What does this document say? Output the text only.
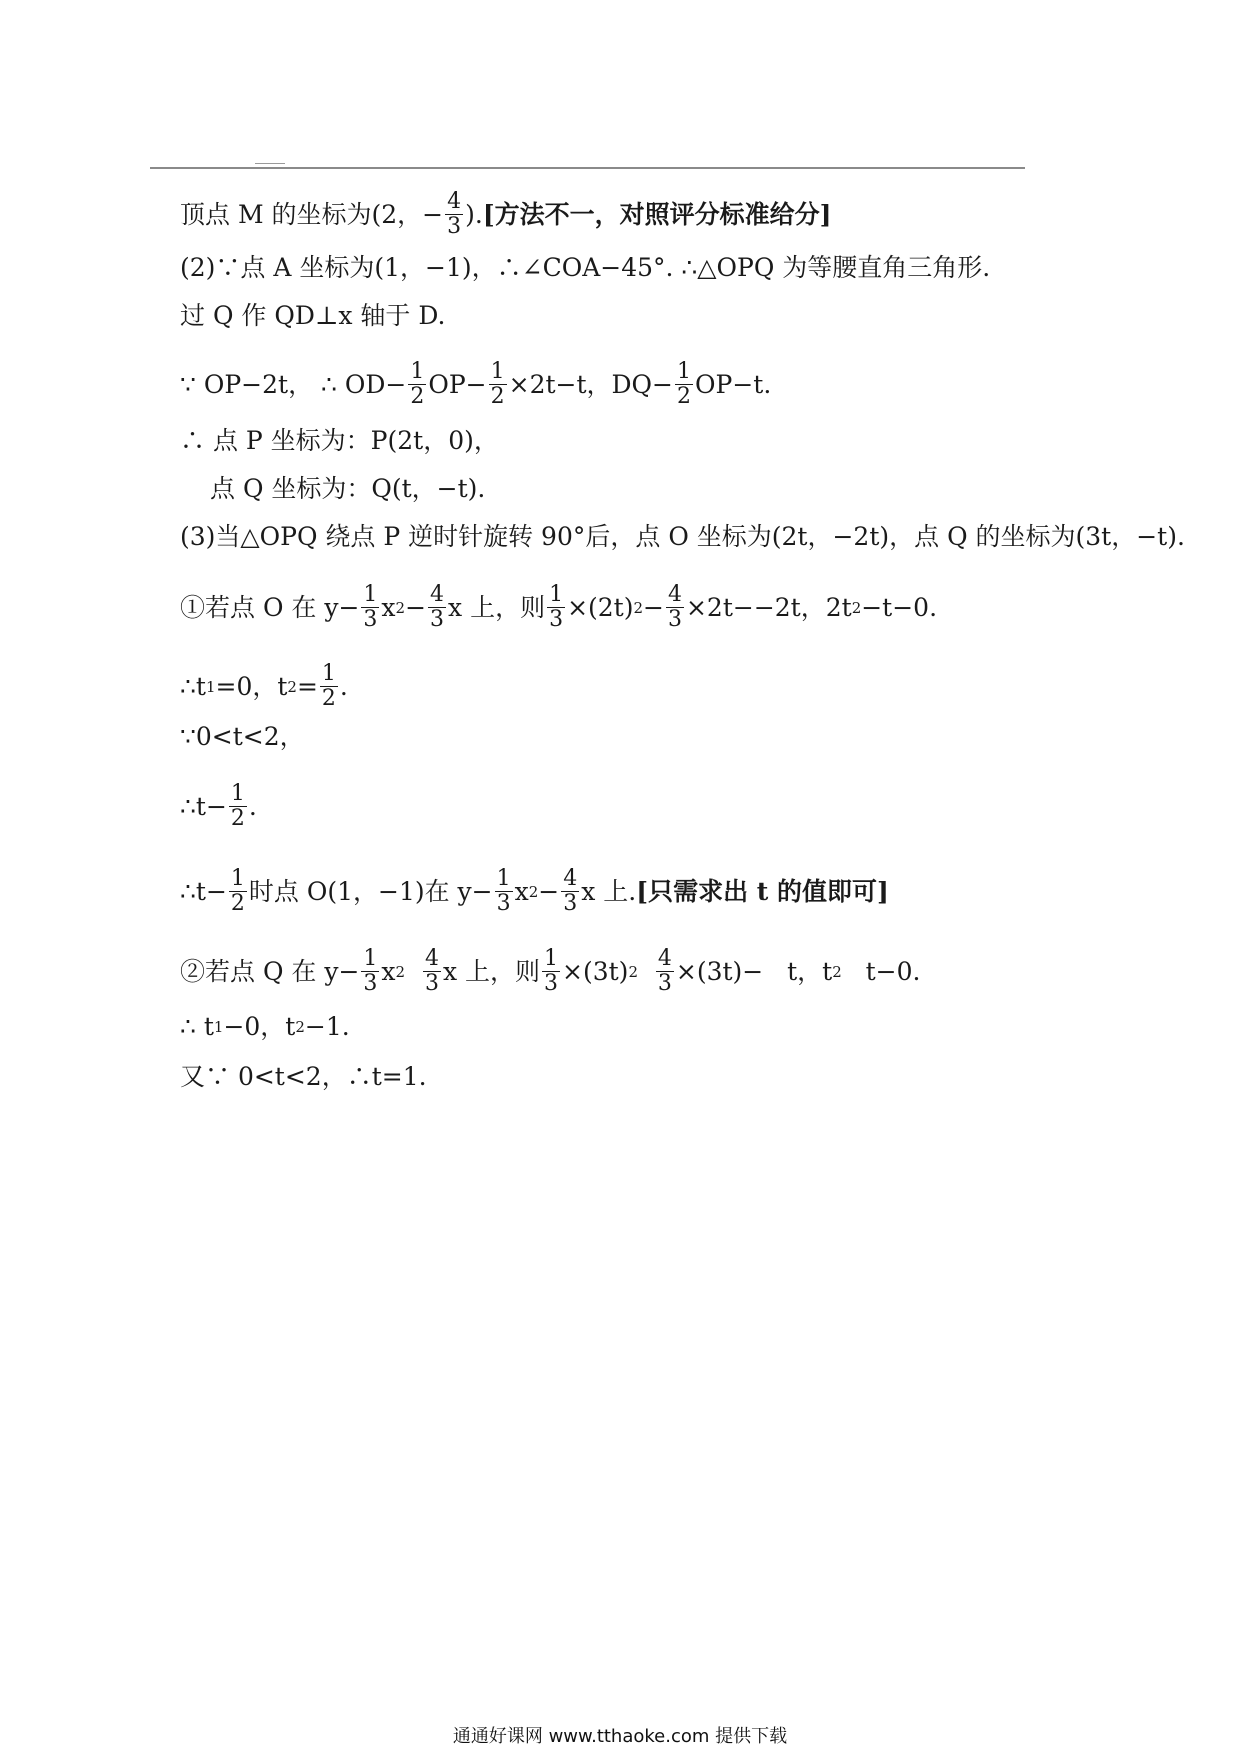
顶点 M 的坐标为(2，− $\frac{4}{3}$ ). [方法不一，对照评分标准给分]
(2)∵点 A 坐标为(1，−1)，∴∠COA−45°. ∴△OPQ 为等腰直角三角形.
过 Q 作 QD⊥x 轴于 D.
∵ OP−2t， ∴ $OD- \frac{1}{2} OP- \frac{1}{2} \times 2t-t$，$DQ- \frac{1}{2} OP-t$.
∴ 点 P 坐标为：P(2t，0)，
点 Q 坐标为：Q(t，−t).
(3)当△OPQ 绕点 P 逆时针旋转 90°后，点 O 坐标为(2t，−2t)，点 Q 的坐标为(3t，−t).
①若点 O 在 $y- \frac{1}{3}$ x $2 - \frac{4}{3}$ x 上，则 $\frac{1}{3} \times(2t) 2 - \frac{4}{3} \times 2t--2t$，2t 2 −t−0.
∴t 1 =0，t $2 = \frac{1}{2}$ .
∵0<t<2，
∴t− $\frac{1}{2}$ .
∴t− $\frac{1}{2}$ 时点 O(1，−1)在 $y- \frac{1}{3}$ x $2 - \frac{4}{3}$ x 上. [只需求出 t 的值即可]
②若点 Q 在 $y- \frac{1}{3}$ x 2
$\frac{4}{3}$ x 上，则 $\frac{1}{3} \times(3t)$ 2
$\frac{4}{3} \times(3t)- t$，t 2 t−0.
∴ t 1 −0，t 2 −1.
又∵ 0<t<2，∴t=1.
通通好课网 www.tthaoke.com 提供下载
